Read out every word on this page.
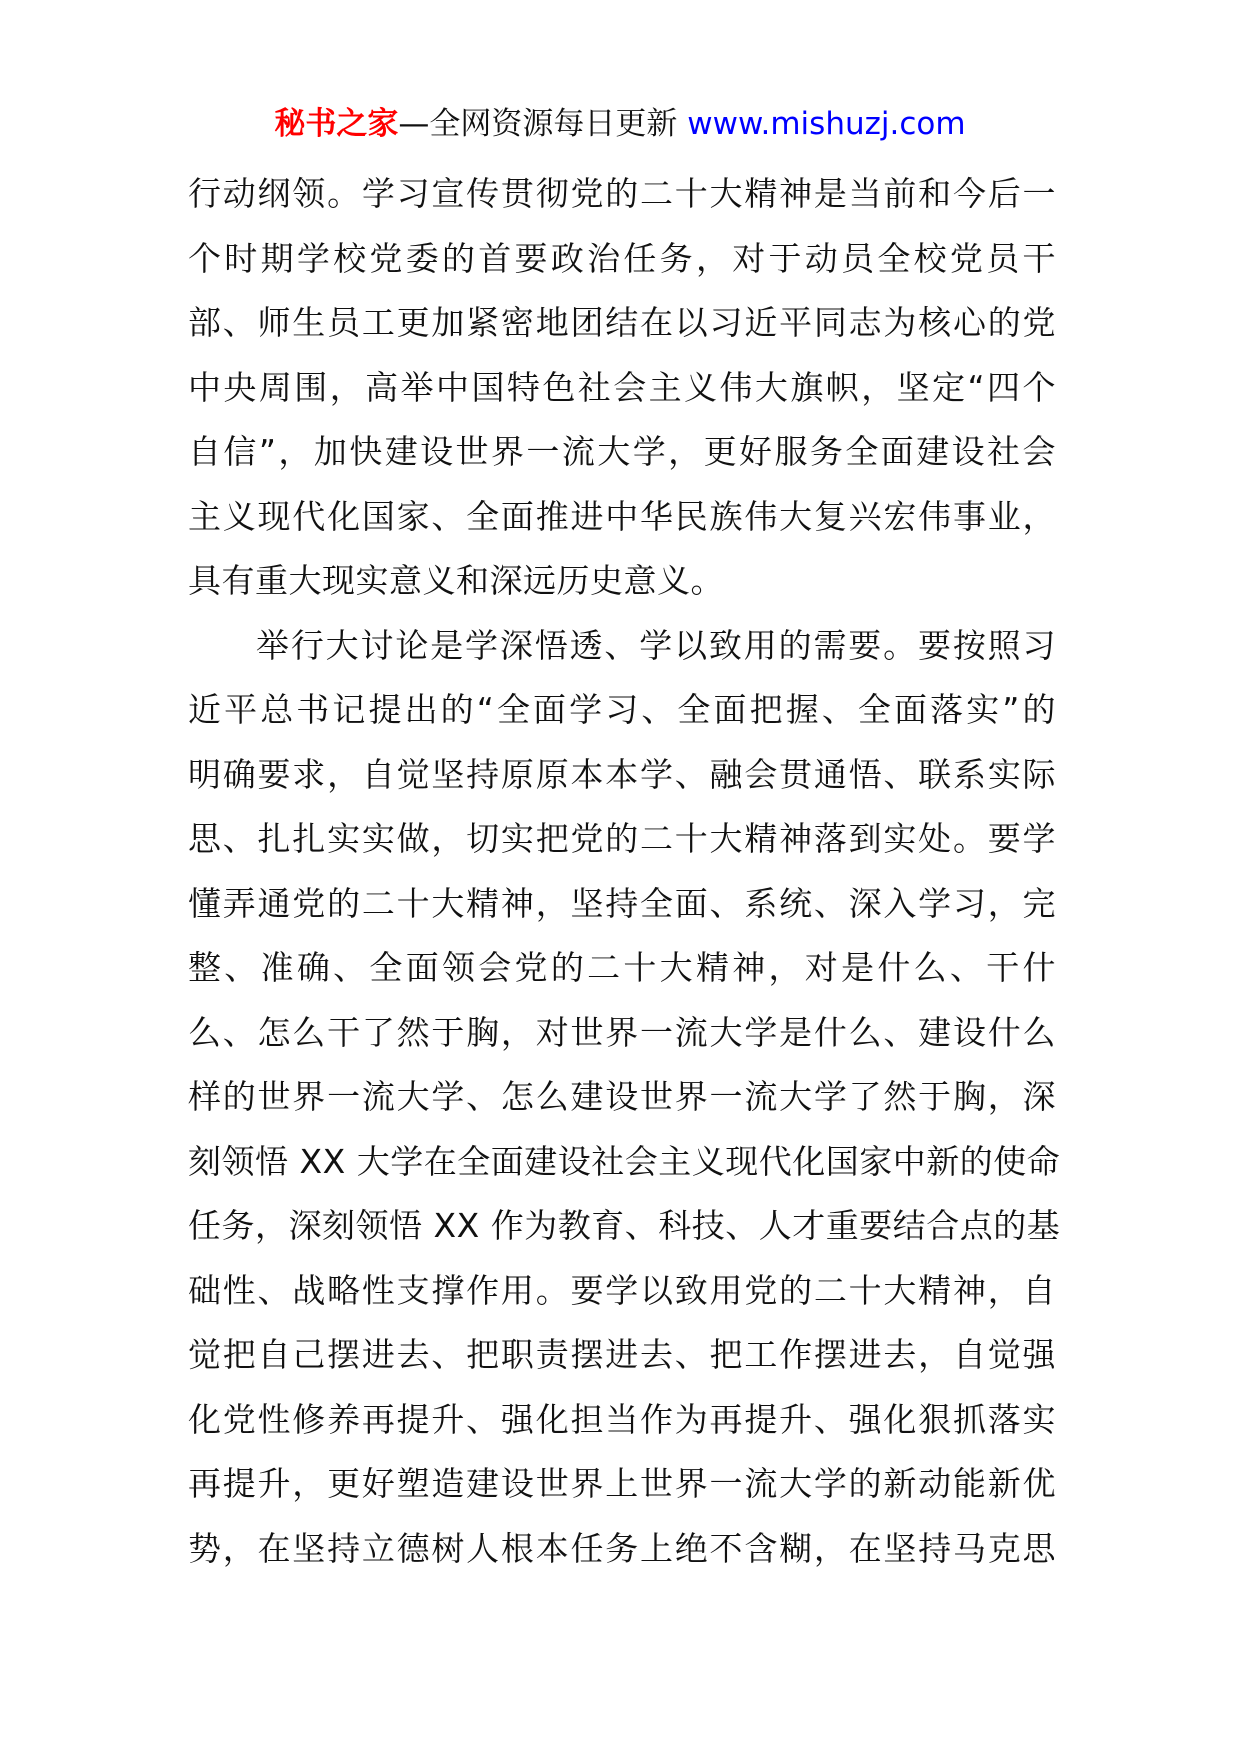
秘书之家—全网资源每日更新 www.mishuzj.com
行动纲领。学习宣传贯彻党的二十大精神是当前和今后一
个时期学校党委的首要政治任务，对于动员全校党员干
部、师生员工更加紧密地团结在以习近平同志为核心的党
中央周围，高举中国特色社会主义伟大旗帜，坚定“四个
自信”，加快建设世界一流大学，更好服务全面建设社会
主义现代化国家、全面推进中华民族伟大复兴宏伟事业，
具有重大现实意义和深远历史意义。
举行大讨论是学深悟透、学以致用的需要。要按照习
近平总书记提出的“全面学习、全面把握、全面落实”的
明确要求，自觉坚持原原本本学、融会贯通悟、联系实际
思、扎扎实实做，切实把党的二十大精神落到实处。要学
懂弄通党的二十大精神，坚持全面、系统、深入学习，完
整、准确、全面领会党的二十大精神，对是什么、干什
么、怎么干了然于胸，对世界一流大学是什么、建设什么
样的世界一流大学、怎么建设世界一流大学了然于胸，深
刻领悟 XX 大学在全面建设社会主义现代化国家中新的使命
任务，深刻领悟 XX 作为教育、科技、人才重要结合点的基
础性、战略性支撑作用。要学以致用党的二十大精神，自
觉把自己摆进去、把职责摆进去、把工作摆进去，自觉强
化党性修养再提升、强化担当作为再提升、强化狠抓落实
再提升，更好塑造建设世界上世界一流大学的新动能新优
势，在坚持立德树人根本任务上绝不含糊，在坚持马克思
